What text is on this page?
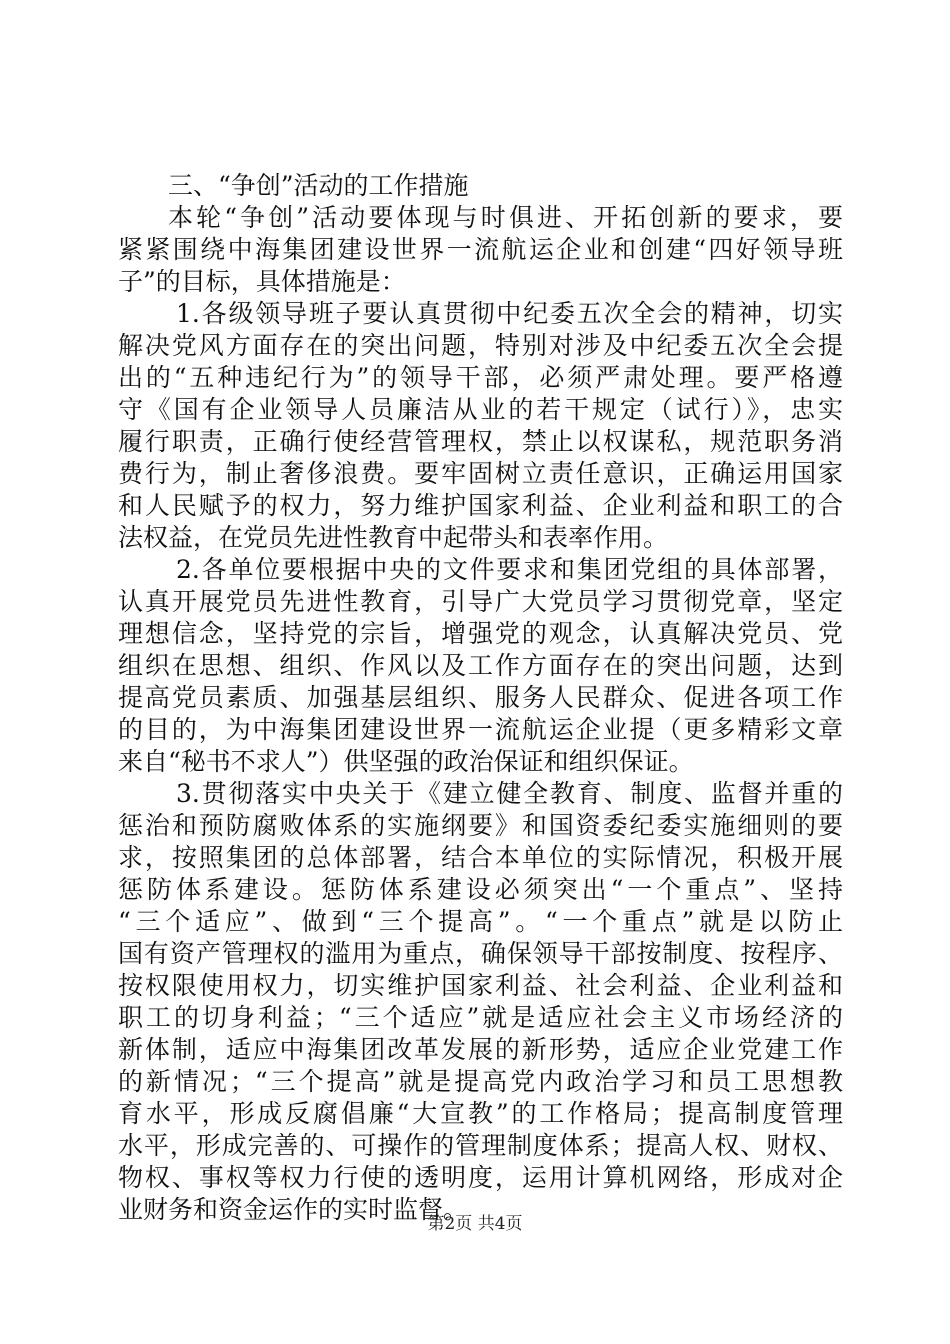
三、“争创”活动的工作措施
本轮“争创”活动要体现与时俱进、开拓创新的要求，要
紧紧围绕中海集团建设世界一流航运企业和创建“四好领导班
子”的目标，具体措施是：
1.各级领导班子要认真贯彻中纪委五次全会的精神，切实
解决党风方面存在的突出问题，特别对涉及中纪委五次全会提
出的“五种违纪行为”的领导干部，必须严肃处理。要严格遵
守《国有企业领导人员廉洁从业的若干规定（试行）》，忠实
履行职责，正确行使经营管理权，禁止以权谋私，规范职务消
费行为，制止奢侈浪费。要牢固树立责任意识，正确运用国家
和人民赋予的权力，努力维护国家利益、企业利益和职工的合
法权益，在党员先进性教育中起带头和表率作用。
2.各单位要根据中央的文件要求和集团党组的具体部署，
认真开展党员先进性教育，引导广大党员学习贯彻党章，坚定
理想信念，坚持党的宗旨，增强党的观念，认真解决党员、党
组织在思想、组织、作风以及工作方面存在的突出问题，达到
提高党员素质、加强基层组织、服务人民群众、促进各项工作
的目的，为中海集团建设世界一流航运企业提（更多精彩文章
来自“秘书不求人”）供坚强的政治保证和组织保证。
3.贯彻落实中央关于《建立健全教育、制度、监督并重的
惩治和预防腐败体系的实施纲要》和国资委纪委实施细则的要
求，按照集团的总体部署，结合本单位的实际情况，积极开展
惩防体系建设。惩防体系建设必须突出“一个重点”、坚持
“三个适应”、做到“三个提高”。“一个重点”就是以防止
国有资产管理权的滥用为重点，确保领导干部按制度、按程序、
按权限使用权力，切实维护国家利益、社会利益、企业利益和
职工的切身利益；“三个适应”就是适应社会主义市场经济的
新体制，适应中海集团改革发展的新形势，适应企业党建工作
的新情况；“三个提高”就是提高党内政治学习和员工思想教
育水平，形成反腐倡廉“大宣教”的工作格局；提高制度管理
水平，形成完善的、可操作的管理制度体系；提高人权、财权、
物权、事权等权力行使的透明度，运用计算机网络，形成对企
业财务和资金运作的实时监督。
第2页 共4页
